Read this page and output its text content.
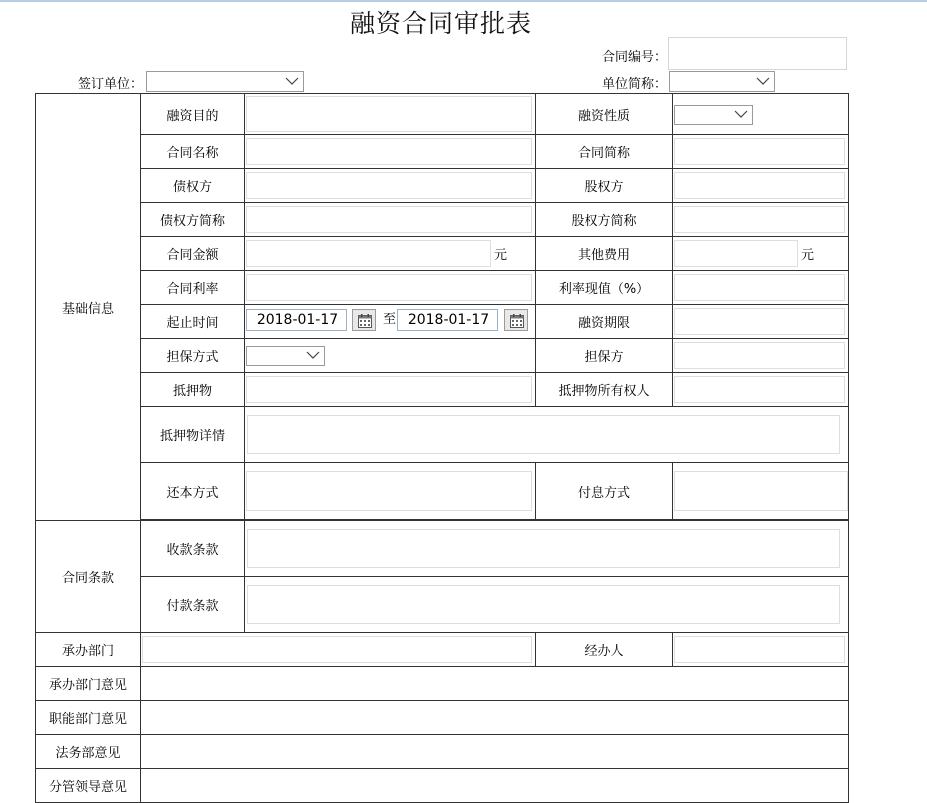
融资合同审批表
合同编号：
签订单位：	单位简称：
基础信息	融资目的		融资性质	

	合同名称		合同简称	

	债权方		股权方	

	债权方简称		股权方简称	

	合同金额	元	其他费用	元

	合同利率		利率现值（%）	

	起止时间	2018-01-17 至 2018-01-17	融资期限	

	担保方式		担保方	

	抵押物		抵押物所有权人	

	抵押物详情			

	还本方式		付息方式	

合同条款	收款条款			

	付款条款			

承办部门			经办人	

承办部门意见				
职能部门意见				
法务部意见				
分管领导意见				
